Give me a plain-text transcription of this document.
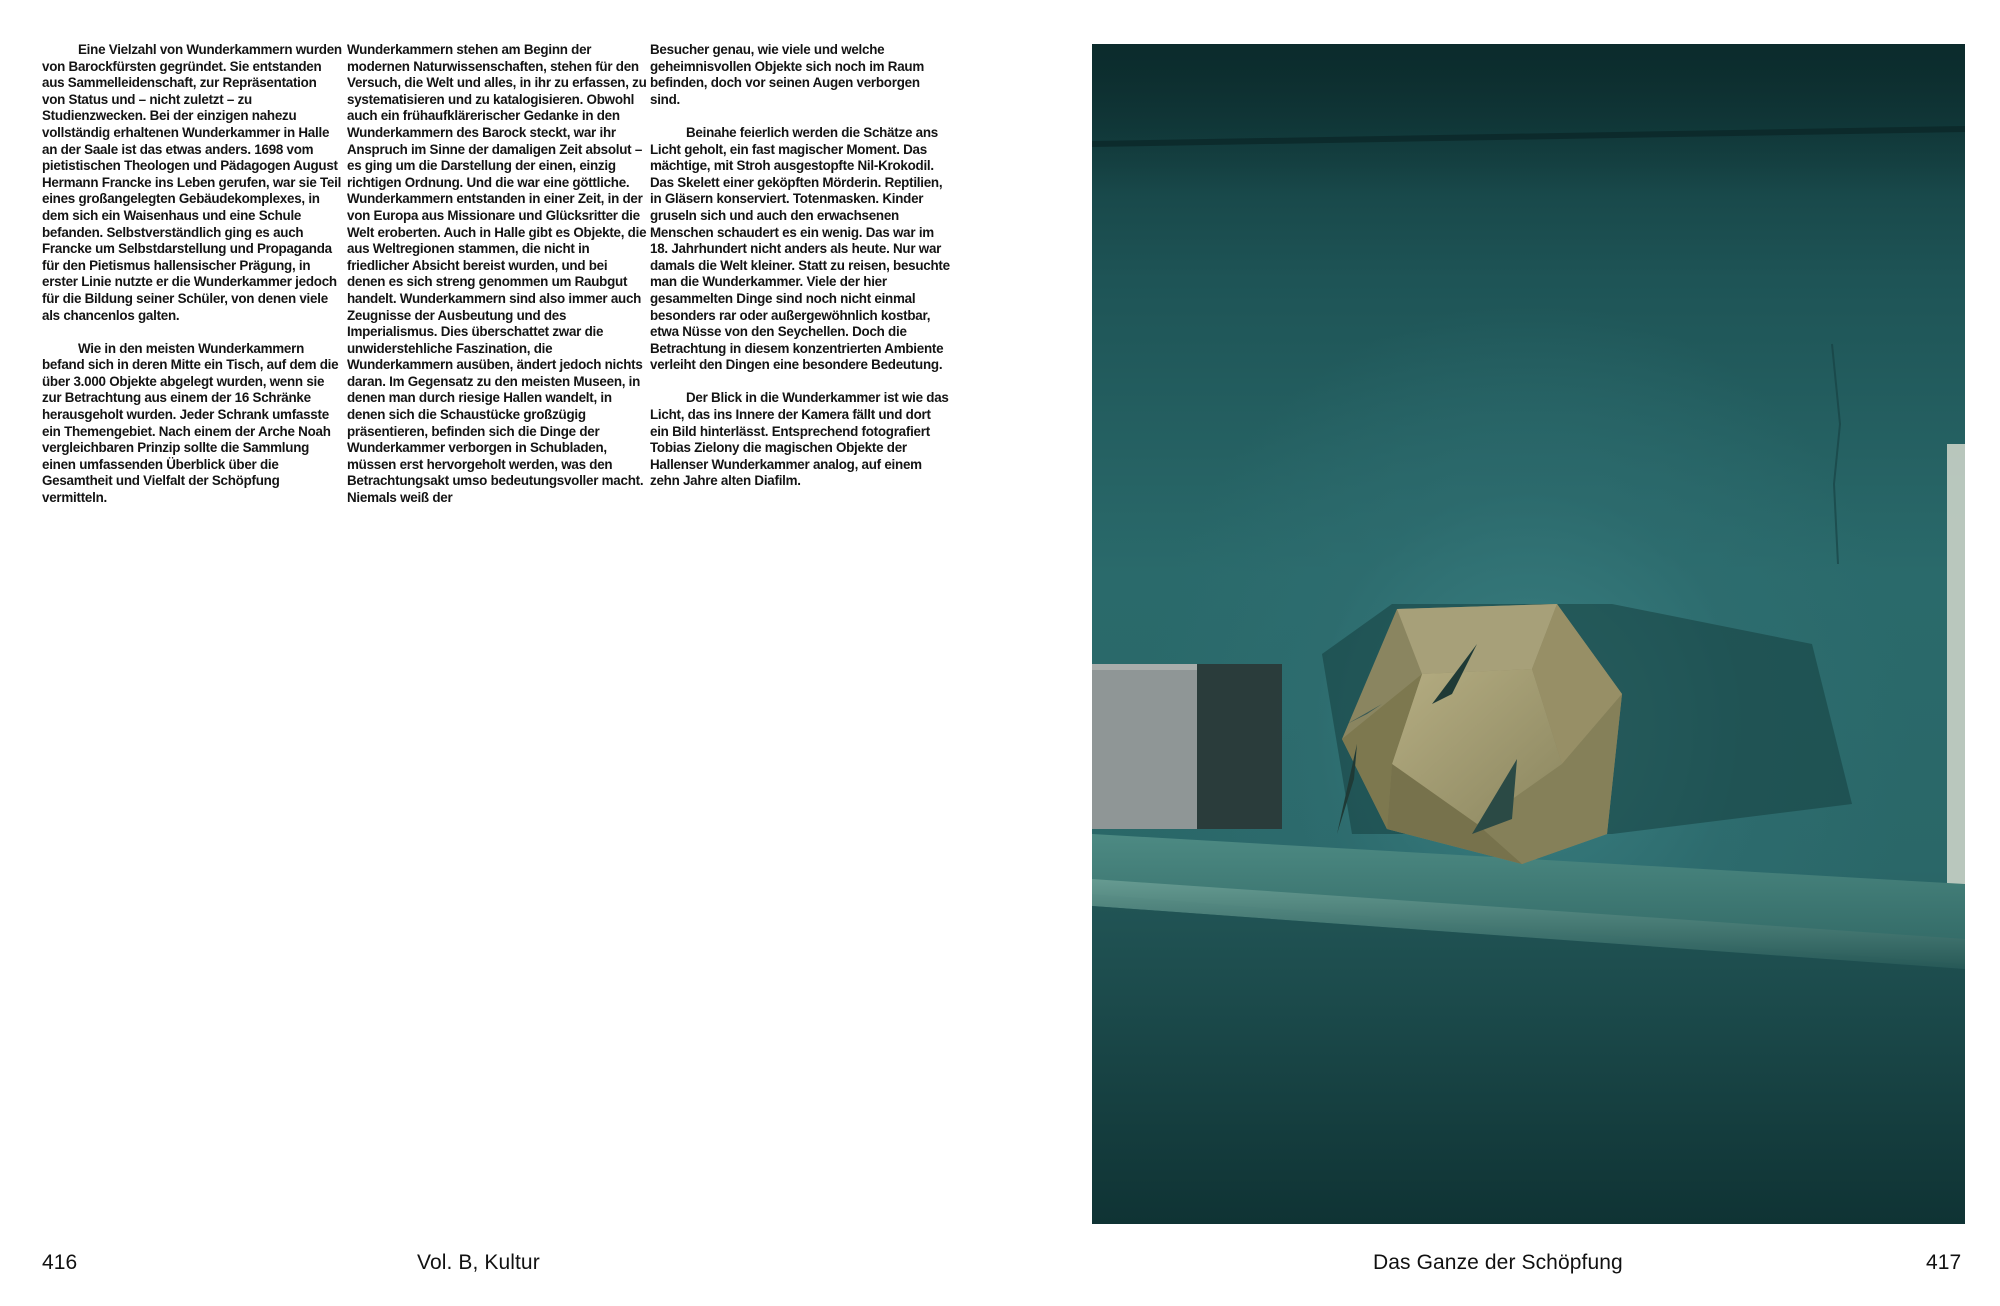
Eine Vielzahl von Wunderkammern wurden von Barockfürsten gegründet. Sie entstanden aus Sammelleidenschaft, zur Repräsentation von Status und – nicht zuletzt – zu Studienzwecken. Bei der einzigen nahezu vollständig erhaltenen Wunderkammer in Halle an der Saale ist das etwas anders. 1698 vom pietistischen Theologen und Pädagogen August Hermann Francke ins Leben gerufen, war sie Teil eines großangelegten Gebäudekomplexes, in dem sich ein Waisenhaus und eine Schule befanden. Selbstverständlich ging es auch Francke um Selbstdarstellung und Propaganda für den Pietismus hallensischer Prägung, in erster Linie nutzte er die Wunderkammer jedoch für die Bildung seiner Schüler, von denen viele als chancenlos galten.

Wie in den meisten Wunderkammern befand sich in deren Mitte ein Tisch, auf dem die über 3.000 Objekte abgelegt wurden, wenn sie zur Betrachtung aus einem der 16 Schränke herausgeholt wurden. Jeder Schrank umfasste ein Themengebiet. Nach einem der Arche Noah vergleichbaren Prinzip sollte die Sammlung einen umfassenden Überblick über die Gesamtheit und Vielfalt der Schöpfung vermitteln.

Wunderkammern stehen am Beginn der modernen Naturwissenschaften, stehen für den Versuch, die Welt und alles, in ihr zu erfassen, zu systematisieren und zu katalogisieren. Obwohl auch ein frühaufklärerischer Gedanke in den Wunderkammern des Barock steckt, war ihr Anspruch im Sinne der damaligen Zeit absolut – es ging um die Darstellung der einen, einzig richtigen Ordnung. Und die war eine göttliche. Wunderkammern entstanden in einer Zeit, in der von Europa aus Missionare und Glücksritter die Welt eroberten. Auch in Halle gibt es Objekte, die aus Weltregionen stammen, die nicht in friedlicher Absicht bereist wurden, und bei denen es sich streng genommen um Raubgut handelt. Wunderkammern sind also immer auch Zeugnisse der Ausbeutung und des Imperialismus. Dies überschattet zwar die unwiderstehliche Faszination, die Wunderkammern ausüben, ändert jedoch nichts daran. Im Gegensatz zu den meisten Museen, in denen man durch riesige Hallen wandelt, in denen sich die Schaustücke großzügig präsentieren, befinden sich die Dinge der Wunderkammer verborgen in Schubladen, müssen erst hervorgeholt werden, was den Betrachtungsakt umso bedeutungsvoller macht. Niemals weiß der

Besucher genau, wie viele und welche geheimnisvollen Objekte sich noch im Raum befinden, doch vor seinen Augen verborgen sind.

Beinahe feierlich werden die Schätze ans Licht geholt, ein fast magischer Moment. Das mächtige, mit Stroh ausgestopfte Nil-Krokodil. Das Skelett einer geköpften Mörderin. Reptilien, in Gläsern konserviert. Totenmasken. Kinder gruseln sich und auch den erwachsenen Menschen schaudert es ein wenig. Das war im 18. Jahrhundert nicht anders als heute. Nur war damals die Welt kleiner. Statt zu reisen, besuchte man die Wunderkammer. Viele der hier gesammelten Dinge sind noch nicht einmal besonders rar oder außergewöhnlich kostbar, etwa Nüsse von den Seychellen. Doch die Betrachtung in diesem konzentrierten Ambiente verleiht den Dingen eine besondere Bedeutung.

Der Blick in die Wunderkammer ist wie das Licht, das ins Innere der Kamera fällt und dort ein Bild hinterlässt. Entsprechend fotografiert Tobias Zielony die magischen Objekte der Hallenser Wunderkammer analog, auf einem zehn Jahre alten Diafilm.

416	Vol. B, Kultur	Das Ganze der Schöpfung	417
